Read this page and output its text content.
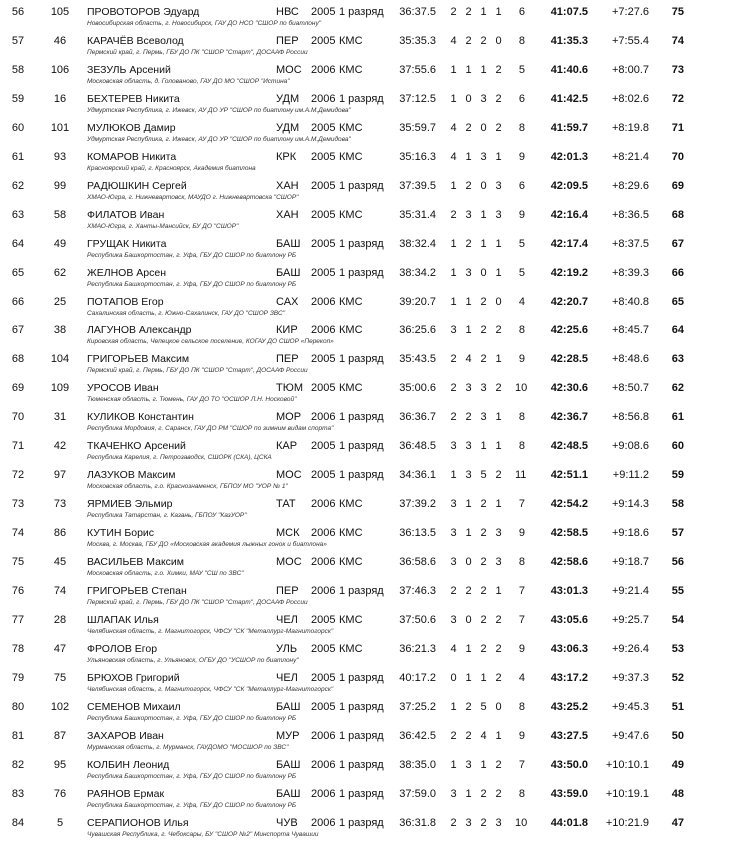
56	105	ПРОВОТОРОВ Эдуард	НВС 2005 1 разряд	36:37.5	2 2 1 1	6	41:07.5	+7:27.6	75
Новосибирская область, г. Новосибирск, ГАУ ДО НСО "СШОР по биатлону"
57	46	КАРАЧЁВ Всеволод	ПЕР 2005 КМС	35:35.3	4 2 2 0	8	41:35.3	+7:55.4	74
Пермский край, г. Пермь, ГБУ ДО ПК "СШОР "Старт", ДОСААФ России
58	106	ЗЕЗУЛЬ Арсений	МОС 2006 КМС	37:55.6	1 1 1 2	5	41:40.6	+8:00.7	73
Московская область, д. Голованово, ГАУ ДО МО "СШОР "Истина"
59	16	БЕХТЕРЕВ Никита	УДМ 2006 1 разряд	37:12.5	1 0 3 2	6	41:42.5	+8:02.6	72
Удмуртская Республика, г. Ижевск, АУ ДО УР "СШОР по биатлону им.А.М.Демидова"
60	101	МУЛЮКОВ Дамир	УДМ 2005 КМС	35:59.7	4 2 0 2	8	41:59.7	+8:19.8	71
Удмуртская Республика, г. Ижевск, АУ ДО УР "СШОР по биатлону им.А.М.Демидова"
61	93	КОМАРОВ Никита	КРК 2005 КМС	35:16.3	4 1 3 1	9	42:01.3	+8:21.4	70
Красноярский край, г. Красноярск, Академия биатлона
62	99	РАДЮШКИН Сергей	ХАН 2005 1 разряд	37:39.5	1 2 0 3	6	42:09.5	+8:29.6	69
ХМАО-Югра, г. Нижневартовск, МАУДО г. Нижневартовска "СШОР"
63	58	ФИЛАТОВ Иван	ХАН 2005 КМС	35:31.4	2 3 1 3	9	42:16.4	+8:36.5	68
ХМАО-Югра, г. Ханты-Мансийск, БУ ДО "СШОР"
64	49	ГРУЩАК Никита	БАШ 2005 1 разряд	38:32.4	1 2 1 1	5	42:17.4	+8:37.5	67
Республика Башкортостан, г. Уфа, ГБУ ДО СШОР по биатлону РБ
65	62	ЖЕЛНОВ Арсен	БАШ 2005 1 разряд	38:34.2	1 3 0 1	5	42:19.2	+8:39.3	66
Республика Башкортостан, г. Уфа, ГБУ ДО СШОР по биатлону РБ
66	25	ПОТАПОВ Егор	САХ 2006 КМС	39:20.7	1 1 2 0	4	42:20.7	+8:40.8	65
Сахалинская область, г. Южно-Сахалинск, ГАУ ДО "СШОР ЗВС"
67	38	ЛАГУНОВ Александр	КИР 2006 КМС	36:25.6	3 1 2 2	8	42:25.6	+8:45.7	64
Кировская область, Чепецкое сельское поселение, КОГАУ ДО СШОР «Перекоп»
68	104	ГРИГОРЬЕВ Максим	ПЕР 2005 1 разряд	35:43.5	2 4 2 1	9	42:28.5	+8:48.6	63
Пермский край, г. Пермь, ГБУ ДО ПК "СШОР "Старт", ДОСААФ России
69	109	УРОСОВ Иван	ТЮМ 2005 КМС	35:00.6	2 3 3 2	10	42:30.6	+8:50.7	62
Тюменская область, г. Тюмень, ГАУ ДО ТО "ОСШОР Л.Н. Носковой"
70	31	КУЛИКОВ Константин	МОР 2006 1 разряд	36:36.7	2 2 3 1	8	42:36.7	+8:56.8	61
Республика Мордовия, г. Саранск, ГАУ ДО РМ "СШОР по зимним видам спорта"
71	42	ТКАЧЕНКО Арсений	КАР 2005 1 разряд	36:48.5	3 3 1 1	8	42:48.5	+9:08.6	60
Республика Карелия, г. Петрозаводск, СШОРК (СКА), ЦСКА
72	97	ЛАЗУКОВ Максим	МОС 2005 1 разряд	34:36.1	1 3 5 2	11	42:51.1	+9:11.2	59
Московская область, г.о. Краснознаменск, ГБПОУ МО "УОР № 1"
73	73	ЯРМИЕВ Эльмир	ТАТ 2006 КМС	37:39.2	3 1 2 1	7	42:54.2	+9:14.3	58
Республика Татарстан, г. Казань, ГБПОУ "КазУОР"
74	86	КУТИН Борис	МСК 2006 КМС	36:13.5	3 1 2 3	9	42:58.5	+9:18.6	57
Москва, г. Москва, ГБУ ДО «Московская академия лыжных гонок и биатлона»
75	45	ВАСИЛЬЕВ Максим	МОС 2006 КМС	36:58.6	3 0 2 3	8	42:58.6	+9:18.7	56
Московская область, г.о. Химки, МАУ "СШ по ЗВС"
76	74	ГРИГОРЬЕВ Степан	ПЕР 2006 1 разряд	37:46.3	2 2 2 1	7	43:01.3	+9:21.4	55
Пермский край, г. Пермь, ГБУ ДО ПК "СШОР "Старт", ДОСААФ России
77	28	ШЛАПАК Илья	ЧЕЛ 2005 КМС	37:50.6	3 0 2 2	7	43:05.6	+9:25.7	54
Челябинская область, г. Магнитогорск, ЧФСУ "СК "Металлург-Магнитогорск"
78	47	ФРОЛОВ Егор	УЛЬ 2005 КМС	36:21.3	4 1 2 2	9	43:06.3	+9:26.4	53
Ульяновская область, г. Ульяновск, ОГБУ ДО "УСШОР по биатлону"
79	75	БРЮХОВ Григорий	ЧЕЛ 2005 1 разряд	40:17.2	0 1 1 2	4	43:17.2	+9:37.3	52
Челябинская область, г. Магнитогорск, ЧФСУ "СК "Металлург-Магнитогорск"
80	102	СЕМЕНОВ Михаил	БАШ 2005 1 разряд	37:25.2	1 2 5 0	8	43:25.2	+9:45.3	51
Республика Башкортостан, г. Уфа, ГБУ ДО СШОР по биатлону РБ
81	87	ЗАХАРОВ Иван	МУР 2006 1 разряд	36:42.5	2 2 4 1	9	43:27.5	+9:47.6	50
Мурманская область, г. Мурманск, ГАУДОМО "МОСШОР по ЗВС"
82	95	КОЛБИН Леонид	БАШ 2006 1 разряд	38:35.0	1 3 1 2	7	43:50.0 +10:10.1	49
Республика Башкортостан, г. Уфа, ГБУ ДО СШОР по биатлону РБ
83	76	РАЯНОВ Ермак	БАШ 2006 1 разряд	37:59.0	3 1 2 2	8	43:59.0 +10:19.1	48
Республика Башкортостан, г. Уфа, ГБУ ДО СШОР по биатлону РБ
84	5	СЕРАПИОНОВ Илья	ЧУВ 2006 1 разряд	36:31.8	2 3 2 3	10	44:01.8 +10:21.9	47
Чувашская Республика, г. Чебоксары, БУ "СШОР №2" Минспорта Чувашии
